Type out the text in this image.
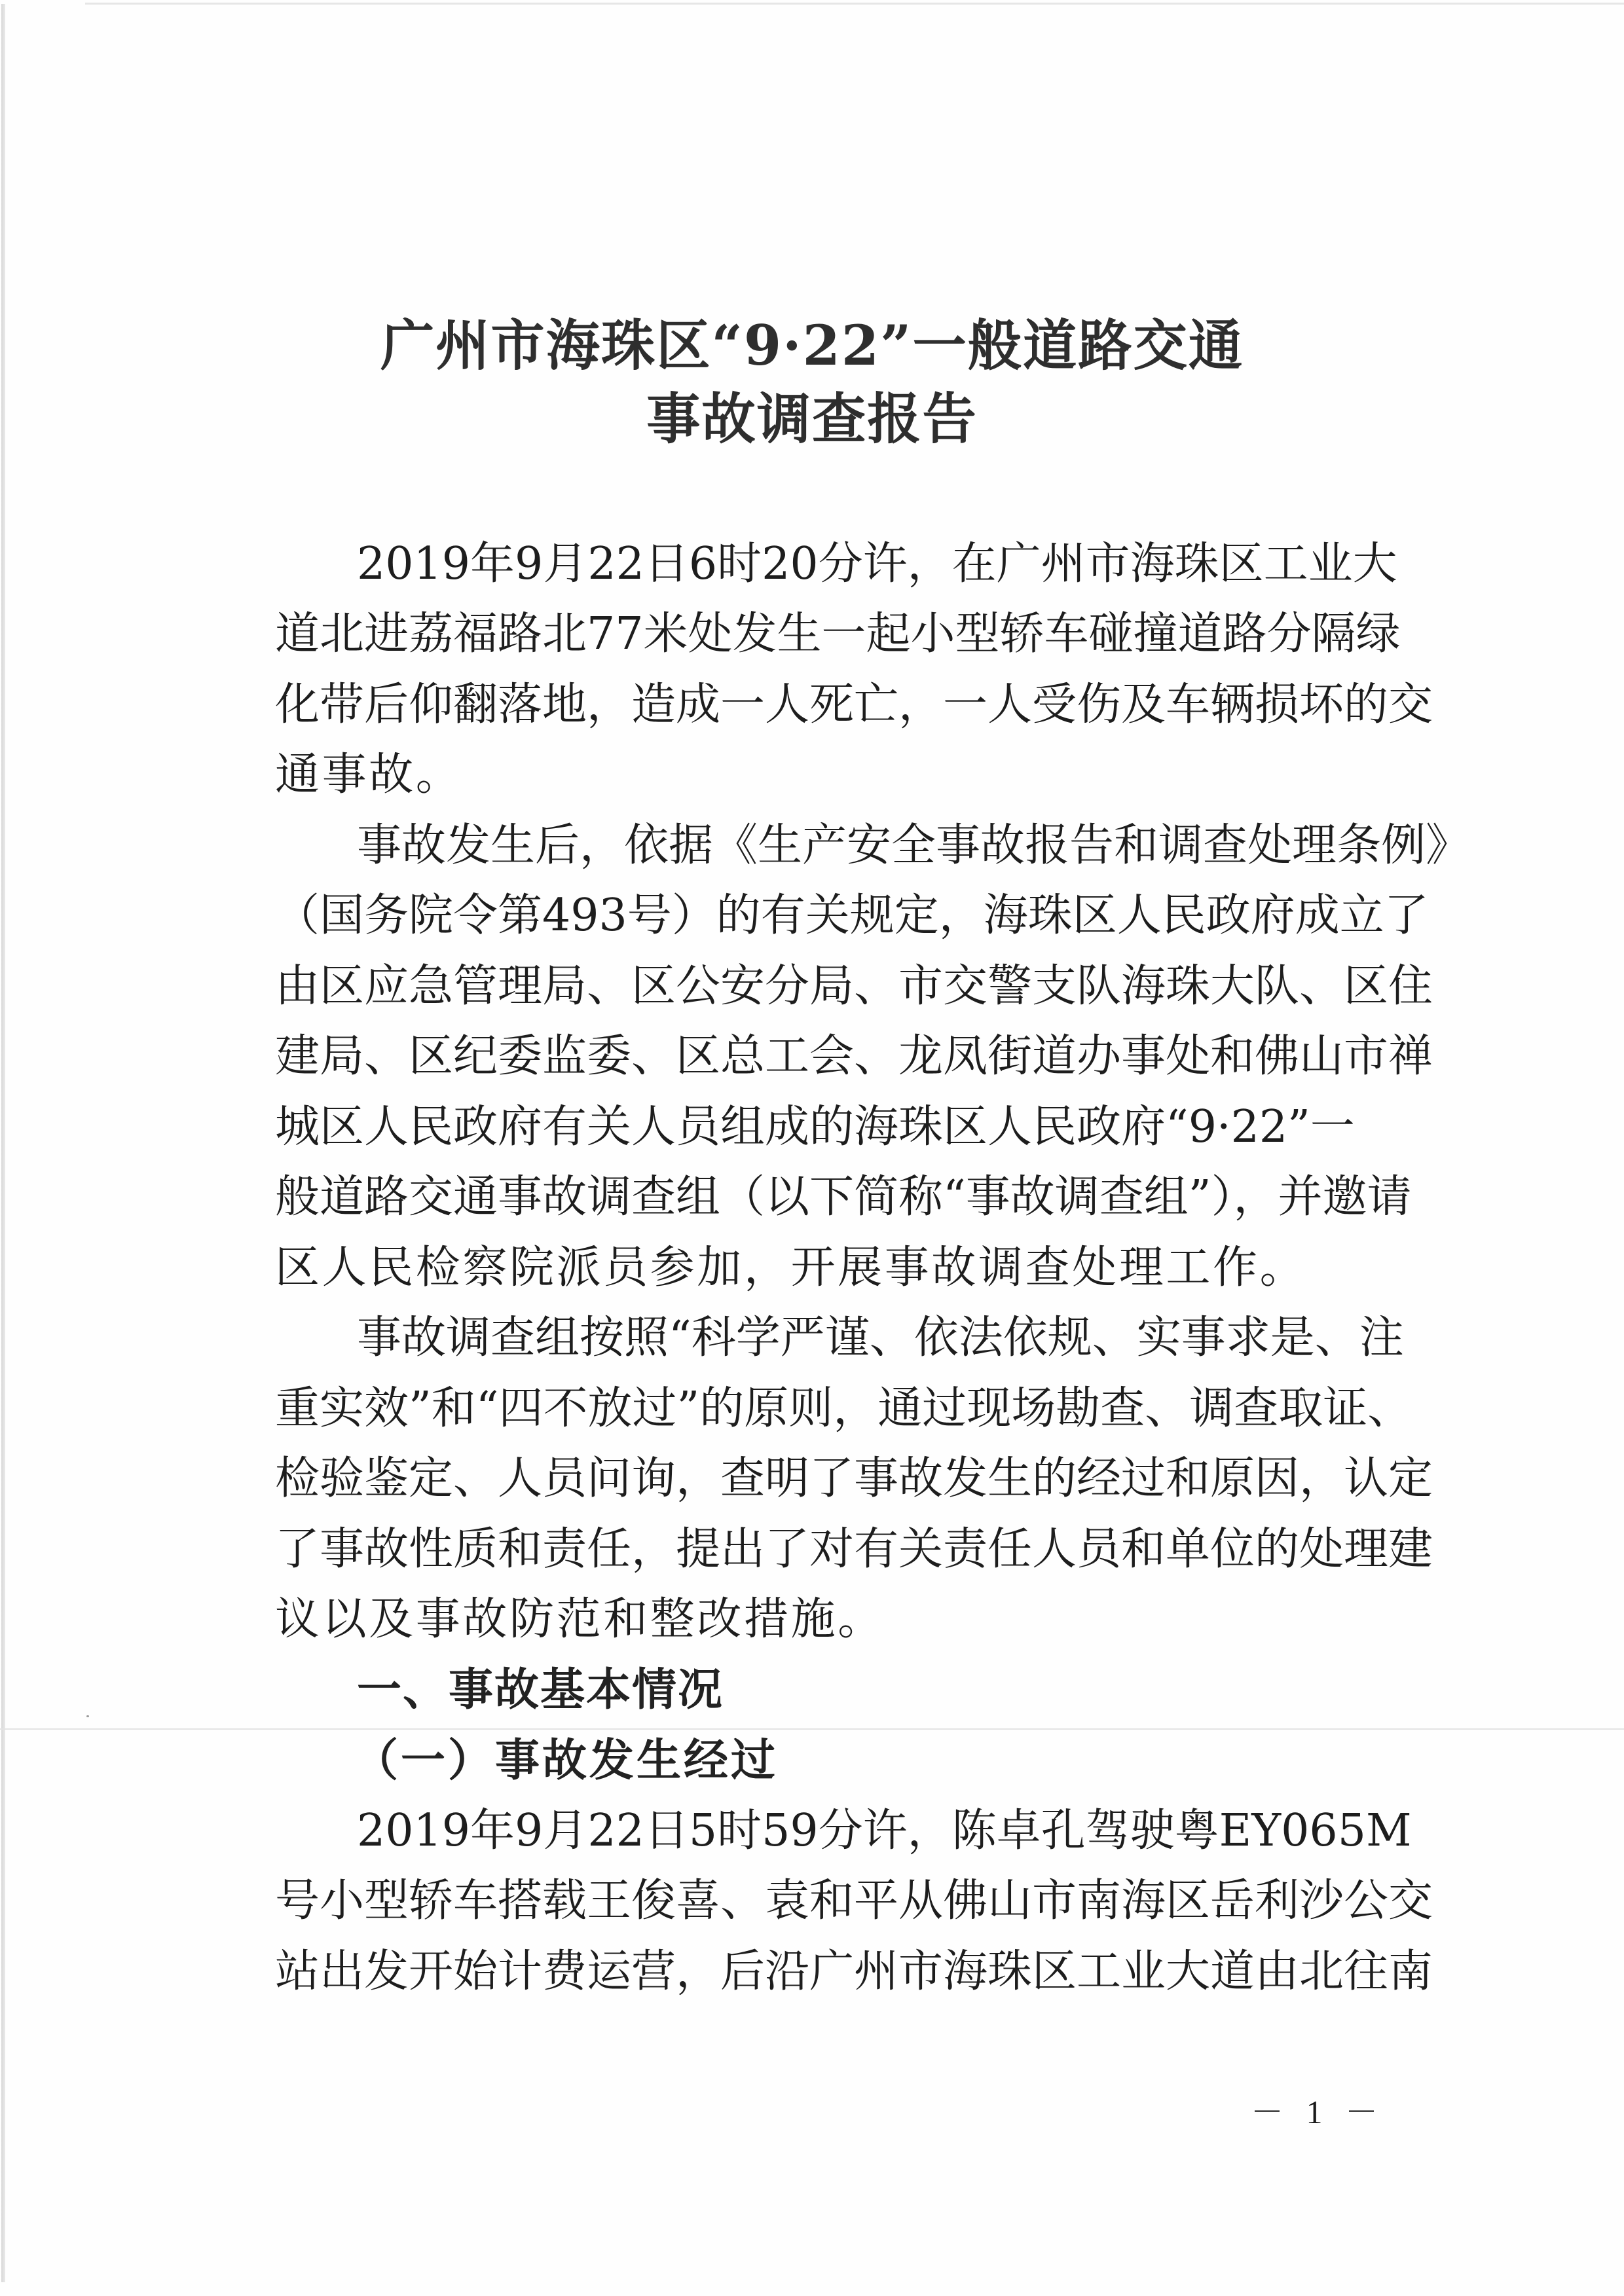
广州市海珠区“9·22”一般道路交通
事故调查报告
2019年9月22日6时20分许，在广州市海珠区工业大
道北进荔福路北77米处发生一起小型轿车碰撞道路分隔绿
化带后仰翻落地，造成一人死亡，一人受伤及车辆损坏的交
通事故。
事故发生后，依据《生产安全事故报告和调查处理条例》
（国务院令第493号）的有关规定，海珠区人民政府成立了
由区应急管理局、区公安分局、市交警支队海珠大队、区住
建局、区纪委监委、区总工会、龙凤街道办事处和佛山市禅
城区人民政府有关人员组成的海珠区人民政府“9·22”一
般道路交通事故调查组（以下简称“事故调查组”），并邀请
区人民检察院派员参加，开展事故调查处理工作。
事故调查组按照“科学严谨、依法依规、实事求是、注
重实效”和“四不放过”的原则，通过现场勘查、调查取证、
检验鉴定、人员问询，查明了事故发生的经过和原因，认定
了事故性质和责任，提出了对有关责任人员和单位的处理建
议以及事故防范和整改措施。
一、事故基本情况
（一）事故发生经过
2019年9月22日5时59分许，陈卓孔驾驶粤EY065M
号小型轿车搭载王俊喜、袁和平从佛山市南海区岳利沙公交
站出发开始计费运营，后沿广州市海珠区工业大道由北往南
－ 1 －
